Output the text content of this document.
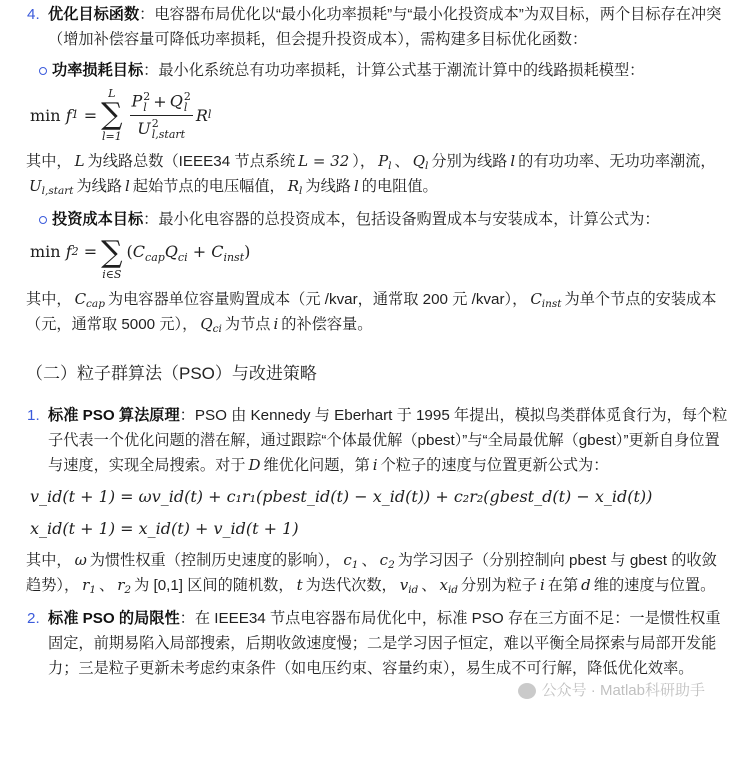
4. 优化目标函数：电容器布局优化以“最小化功率损耗”与“最小化投资成本”为双目标，两个目标存在冲突（增加补偿容量可降低功率损耗，但会提升投资成本），需构建多目标优化函数：
功率损耗目标：最小化系统总有功功率损耗，计算公式基于潮流计算中的线路损耗模型：
min
f 1
=
L
∑
l=1 P 2
l + Q 2
l
U 2
l,start R l
其中， L 为线路总数（IEEE34 节点系统 L = 32 ）， $P_l$ 、 $Q_l$ 分别为线路 l 的有功功率、无功功率潮流，$U_{l,start}$ 为线路 l 起始节点的电压幅值， $R_l$ 为线路 l 的电阻值。
投资成本目标：最小化电容器的总投资成本，包括设备购置成本与安装成本，计算公式为：
min
f 2
= ∑
i∈S
$(C_{cap}Q_{ci} + C_{inst})$
其中， $C_{cap}$ 为电容器单位容量购置成本（元 /kvar，通常取 200 元 /kvar）， $C_{inst}$ 为单个节点的安装成本（元，通常取 5000 元）， $Q_{ci}$ 为节点 i 的补偿容量。
（二）粒子群算法（PSO）与改进策略
1. 标准 PSO 算法原理：PSO 由 Kennedy 与 Eberhart 于 1995 年提出，模拟鸟类群体觅食行为，每个粒子代表一个优化问题的潜在解，通过跟踪“个体最优解（pbest）”与“全局最优解（gbest）”更新自身位置与速度，实现全局搜索。对于 D 维优化问题，第 i 个粒子的速度与位置更新公式为：
v_id(t + 1) = ωv_id(t) + c₁r₁(pbest_id(t) − x_id(t)) + c₂r₂(gbest_d(t) − x_id(t))
x_id(t + 1) = x_id(t) + v_id(t + 1)
其中， ω 为惯性权重（控制历史速度的影响）， $c_1$ 、 $c_2$ 为学习因子（分别控制向 pbest 与 gbest 的收敛趋势）， $r_1$ 、 $r_2$ 为 [0,1] 区间的随机数， t 为迭代次数， $v_{id}$ 、 $x_{id}$ 分别为粒子 i 在第 d 维的速度与位置。
2. 标准 PSO 的局限性：在 IEEE34 节点电容器布局优化中，标准 PSO 存在三方面不足：一是惯性权重固定，前期易陷入局部搜索，后期收敛速度慢；二是学习因子恒定，难以平衡全局探索与局部开发能力；三是粒子更新未考虑约束条件（如电压约束、容量约束），易生成不可行解，降低优化效率。
公众号 · Matlab科研助手
